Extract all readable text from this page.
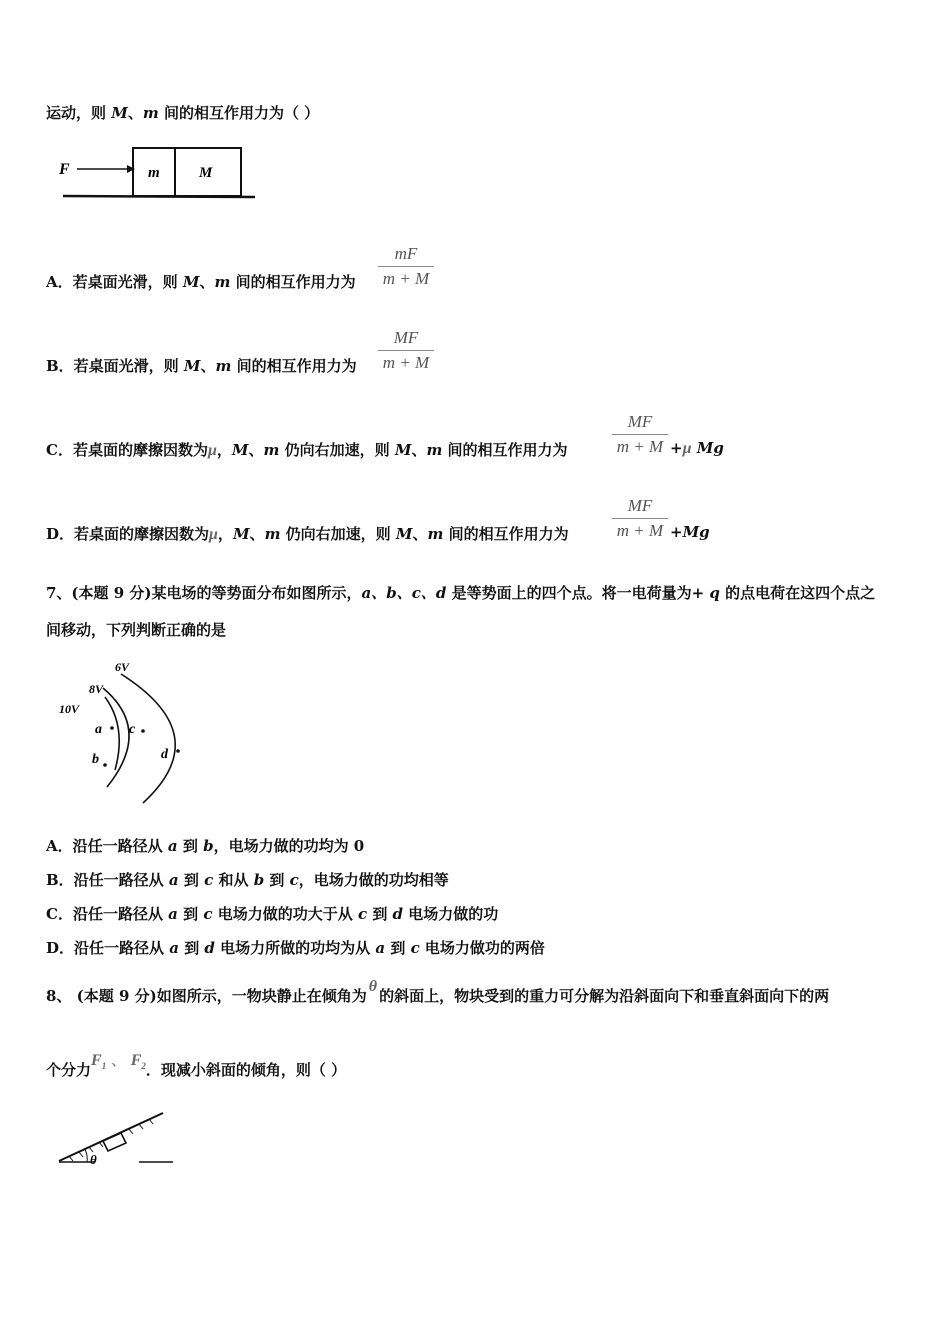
运动，则 M、m 间的相互作用力为（ ）
F	m	M
A．若桌面光滑，则 M、m 间的相互作用力为
mF
m + M
B．若桌面光滑，则 M、m 间的相互作用力为
MF
m + M
C．若桌面的摩擦因数为μ，M、m 仍向右加速，则 M、m 间的相互作用力为
MF
m + M +μ Mg
D．若桌面的摩擦因数为μ，M、m 仍向右加速，则 M、m 间的相互作用力为
MF
m + M +Mg
7、(本题 9 分)某电场的等势面分布如图所示，a、b、c、d 是等势面上的四个点。将一电荷量为+ q 的点电荷在这四个点之
间移动，下列判断正确的是
6V
8V
10V
a
b
c
d
A．沿任一路径从 a 到 b，电场力做的功均为 0
B．沿任一路径从 a 到 c 和从 b 到 c，电场力做的功均相等
C．沿任一路径从 a 到 c 电场力做的功大于从 c 到 d 电场力做的功
D．沿任一路径从 a 到 d 电场力所做的功均为从 a 到 c 电场力做功的两倍
8、 (本题 9 分)如图所示，一物块静止在倾角为θ的斜面上，物块受到的重力可分解为沿斜面向下和垂直斜面向下的两
个分力$F_1$ 、 $F_2$．现减小斜面的倾角，则（ ）
θ
